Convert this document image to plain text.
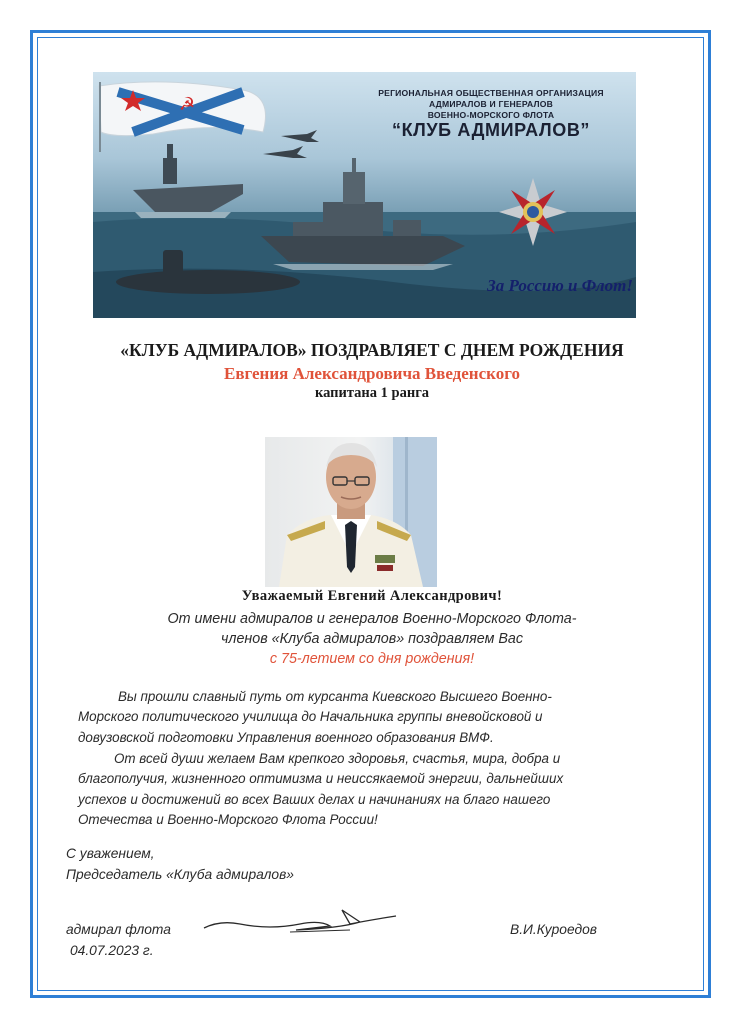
☭
РЕГИОНАЛЬНАЯ ОБЩЕСТВЕННАЯ ОРГАНИЗАЦИЯ
АДМИРАЛОВ И ГЕНЕРАЛОВ
ВОЕННО-МОРСКОГО ФЛОТА
“КЛУБ АДМИРАЛОВ”
За Россию и Флот!
«КЛУБ АДМИРАЛОВ» ПОЗДРАВЛЯЕТ С ДНЕМ РОЖДЕНИЯ
Евгения Александровича Введенского
капитана 1 ранга
Уважаемый Евгений Александрович!
От имени адмиралов и генералов Военно-Морского Флота-
членов «Клуба адмиралов» поздравляем Вас
с 75-летием со дня рождения!
Вы прошли славный путь от курсанта Киевского Высшего Военно-
Морского политического училища до Начальника группы вневойсковой и
довузовской подготовки Управления военного образования ВМФ.
От всей души желаем Вам крепкого здоровья, счастья, мира, добра и
благополучия, жизненного оптимизма и неиссякаемой энергии, дальнейших
успехов и достижений во всех Ваших делах и начинаниях на благо нашего
Отечества и Военно-Морского Флота России!
С уважением,
Председатель «Клуба адмиралов»
адмирал флота
04.07.2023 г.
В.И.Куроедов
